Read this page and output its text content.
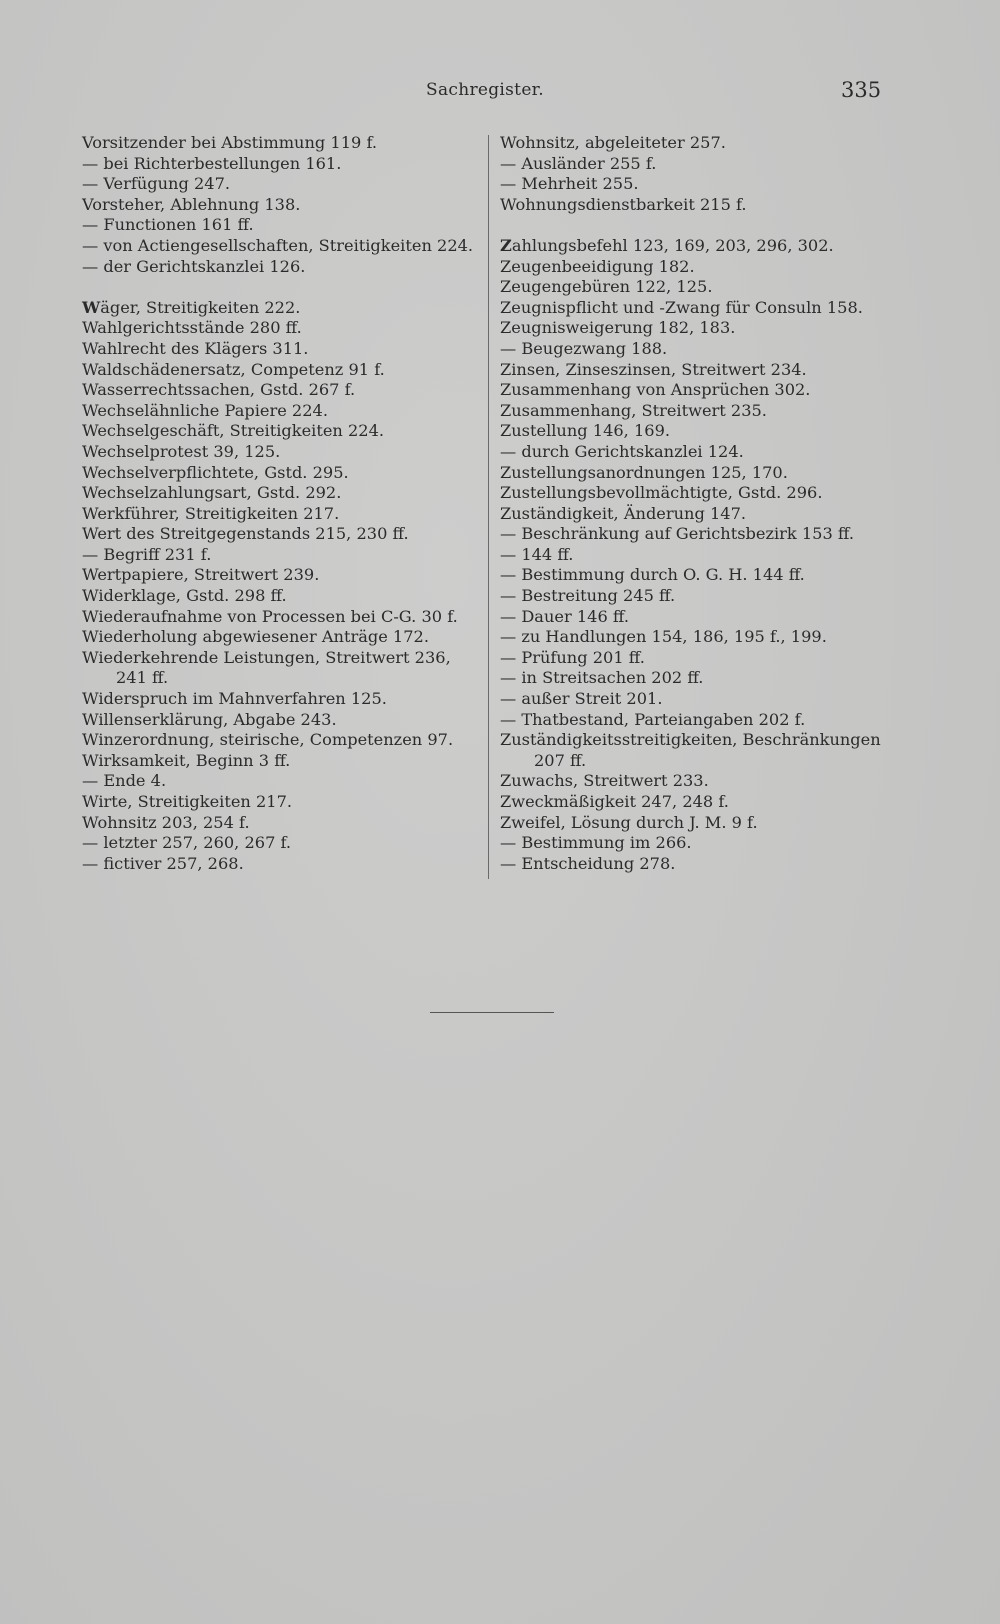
Sachregister.	335
Vorsitzender bei Abstimmung 119 f.
— bei Richterbestellungen 161.
— Verfügung 247.
Vorsteher, Ablehnung 138.
— Functionen 161 ff.
— von Actiengesellschaften, Streitigkeiten 224.
— der Gerichtskanzlei 126.
Wäger, Streitigkeiten 222.
Wahlgerichtsstände 280 ff.
Wahlrecht des Klägers 311.
Waldschädenersatz, Competenz 91 f.
Wasserrechtssachen, Gstd. 267 f.
Wechselähnliche Papiere 224.
Wechselgeschäft, Streitigkeiten 224.
Wechselprotest 39, 125.
Wechselverpflichtete, Gstd. 295.
Wechselzahlungsart, Gstd. 292.
Werkführer, Streitigkeiten 217.
Wert des Streitgegenstands 215, 230 ff.
— Begriff 231 f.
Wertpapiere, Streitwert 239.
Widerklage, Gstd. 298 ff.
Wiederaufnahme von Processen bei C-G. 30 f.
Wiederholung abgewiesener Anträge 172.
Wiederkehrende Leistungen, Streitwert 236,
241 ff.
Widerspruch im Mahnverfahren 125.
Willenserklärung, Abgabe 243.
Winzerordnung, steirische, Competenzen 97.
Wirksamkeit, Beginn 3 ff.
— Ende 4.
Wirte, Streitigkeiten 217.
Wohnsitz 203, 254 f.
— letzter 257, 260, 267 f.
— fictiver 257, 268.
Wohnsitz, abgeleiteter 257.
— Ausländer 255 f.
— Mehrheit 255.
Wohnungsdienstbarkeit 215 f.
Zahlungsbefehl 123, 169, 203, 296, 302.
Zeugenbeeidigung 182.
Zeugengebüren 122, 125.
Zeugnispflicht und -Zwang für Consuln 158.
Zeugnisweigerung 182, 183.
— Beugezwang 188.
Zinsen, Zinseszinsen, Streitwert 234.
Zusammenhang von Ansprüchen 302.
Zusammenhang, Streitwert 235.
Zustellung 146, 169.
— durch Gerichtskanzlei 124.
Zustellungsanordnungen 125, 170.
Zustellungsbevollmächtigte, Gstd. 296.
Zuständigkeit, Änderung 147.
— Beschränkung auf Gerichtsbezirk 153 ff.
— 144 ff.
— Bestimmung durch O. G. H. 144 ff.
— Bestreitung 245 ff.
— Dauer 146 ff.
— zu Handlungen 154, 186, 195 f., 199.
— Prüfung 201 ff.
— in Streitsachen 202 ff.
— außer Streit 201.
— Thatbestand, Parteiangaben 202 f.
Zuständigkeitsstreitigkeiten, Beschränkungen
207 ff.
Zuwachs, Streitwert 233.
Zweckmäßigkeit 247, 248 f.
Zweifel, Lösung durch J. M. 9 f.
— Bestimmung im 266.
— Entscheidung 278.
